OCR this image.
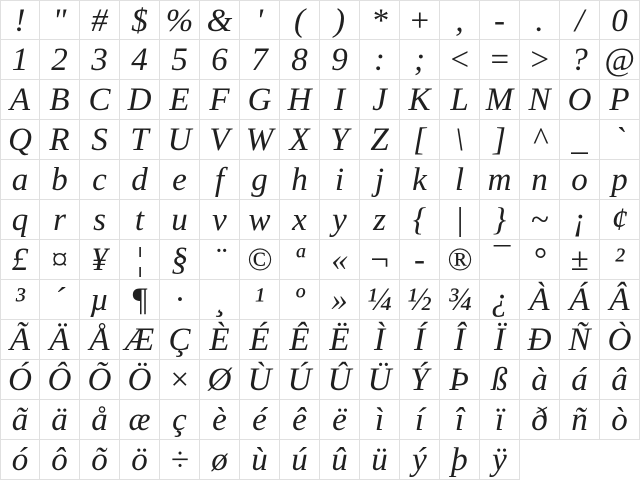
! " # $ % & ' ( ) * + , - . / 0
1 2 3 4 5 6 7 8 9 : ; < = > ? @
A B C D E F G H I J K L M N O P
Q R S T U V W X Y Z [ \ ] ^ _ `
a b c d e f g h i j k l m n o p
q r s t u v w x y z { | } ~ ¡ ¢
£ ¤ ¥ ¦ § ¨ © ª « ¬ - ® ¯ ° ± ²
³ ´ µ ¶ · ¸ ¹ º » ¼ ½ ¾ ¿ À Á Â
Ã Ä Å Æ Ç È É Ê Ë Ì Í Î Ï Ð Ñ Ò
Ó Ô Õ Ö × Ø Ù Ú Û Ü Ý Þ ß à á â
ã ä å æ ç è é ê ë ì í î ï ð ñ ò
ó ô õ ö ÷ ø ù ú û ü ý þ ÿ
